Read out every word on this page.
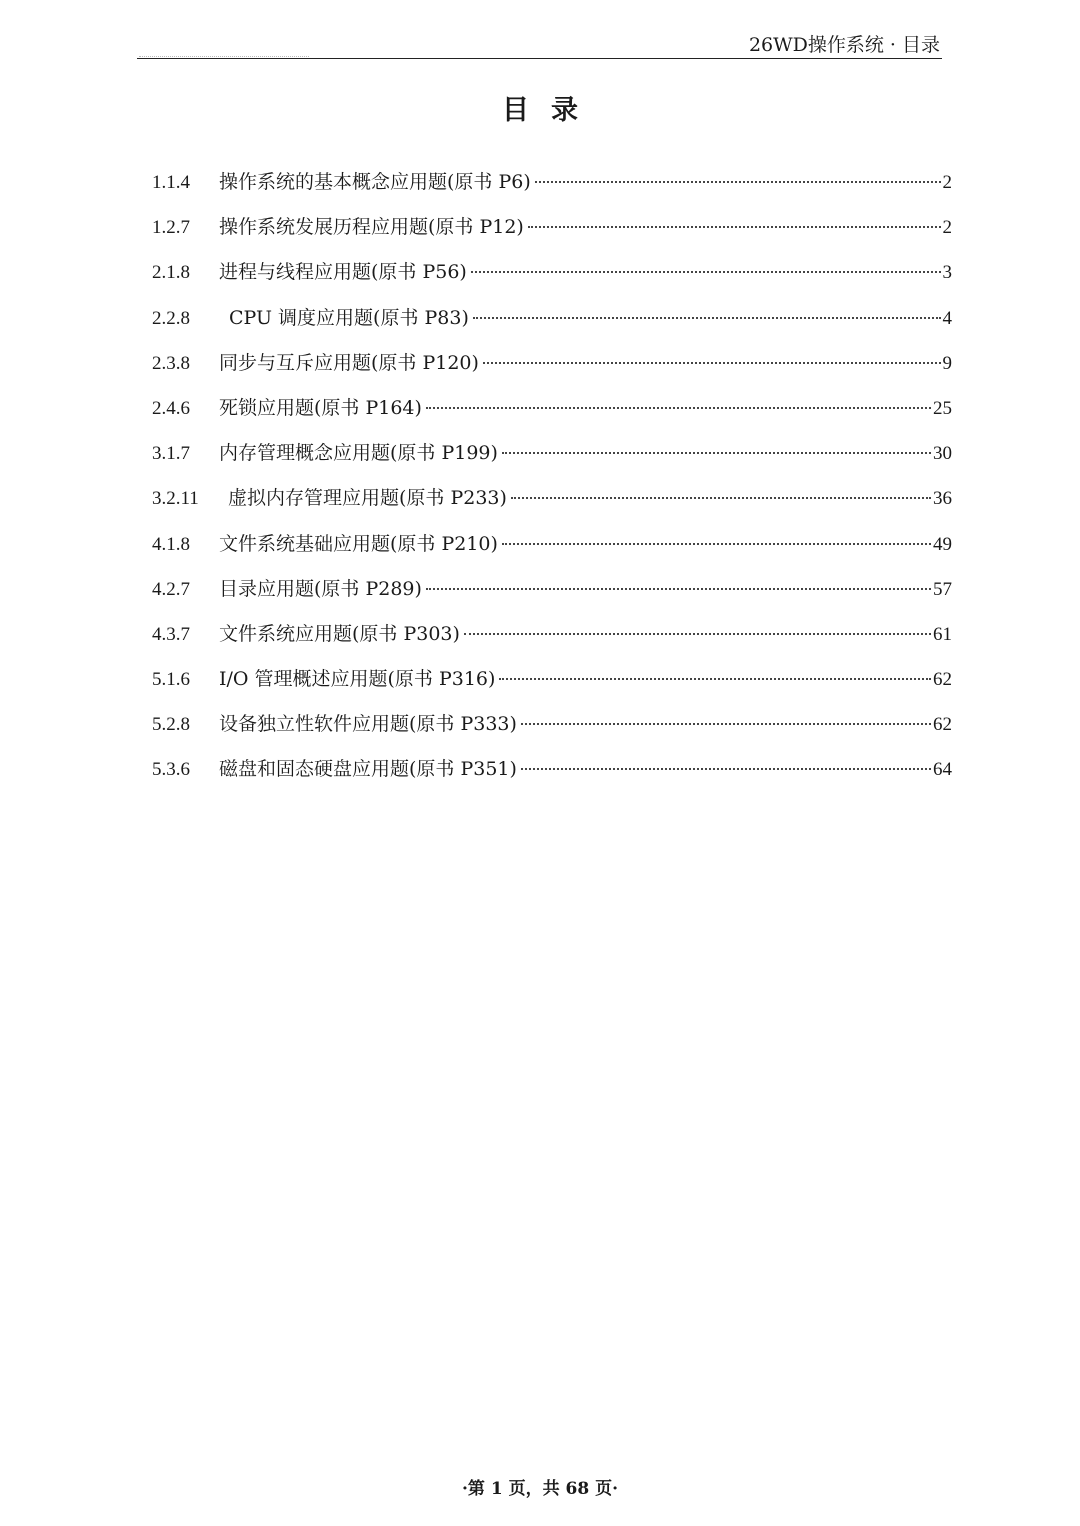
26WD操作系统 · 目录
目录
1.1.4	操作系统的基本概念应用题(原书 P6)	2
1.2.7	操作系统发展历程应用题(原书 P12)	2
2.1.8	进程与线程应用题(原书 P56)	3
2.2.8	CPU 调度应用题(原书 P83)	4
2.3.8	同步与互斥应用题(原书 P120)	9
2.4.6	死锁应用题(原书 P164)	25
3.1.7	内存管理概念应用题(原书 P199)	30
3.2.11	虚拟内存管理应用题(原书 P233)	36
4.1.8	文件系统基础应用题(原书 P210)	49
4.2.7	目录应用题(原书 P289)	57
4.3.7	文件系统应用题(原书 P303)	61
5.1.6	I/O 管理概述应用题(原书 P316)	62
5.2.8	设备独立性软件应用题(原书 P333)	62
5.3.6	磁盘和固态硬盘应用题(原书 P351)	64
·第 1 页，共 68 页·
